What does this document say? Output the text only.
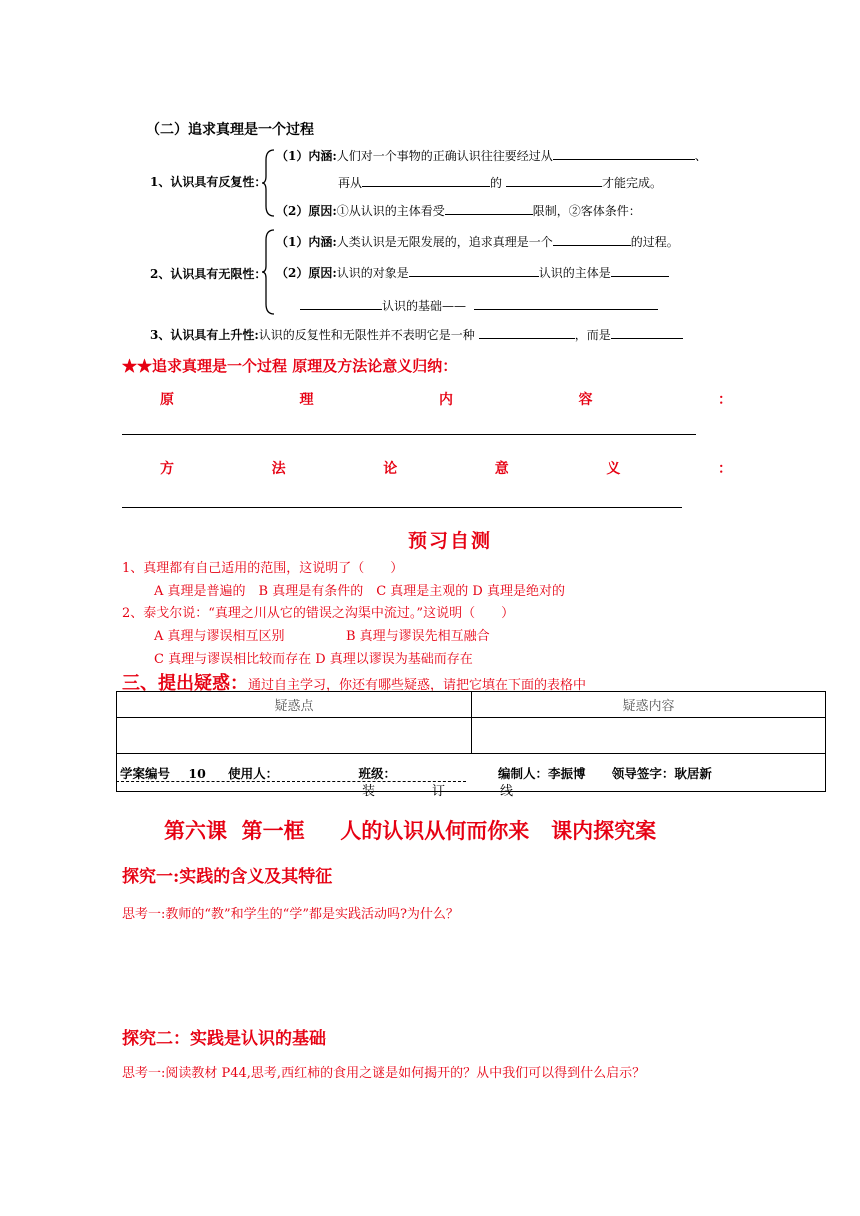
（二）追求真理是一个过程
1、认识具有反复性：
（1）内涵:人们对一个事物的正确认识往往要经过从	、
再从	的	才能完成。
（2）原因:①从认识的主体看受	限制，②客体条件：
2、认识具有无限性：
（1）内涵:人类认识是无限发展的，追求真理是一个	的过程。
（2）原因:认识的对象是	认识的主体是
认识的基础——
3、认识具有上升性:认识的反复性和无限性并不表明它是一种	，而是
★★追求真理是一个过程 原理及方法论意义归纳：
原	理	内	容	：
方	法	论	意	义	：
预习自测
1、真理都有自己适用的范围，这说明了（　　）
A 真理是普遍的　B 真理是有条件的　C 真理是主观的 D 真理是绝对的
2、泰戈尔说：“真理之川从它的错误之沟渠中流过。”这说明（　　）
A 真理与谬误相互区别	B 真理与谬误先相互融合
C 真理与谬误相比较而存在 D 真理以谬误为基础而存在
三、提出疑惑：通过自主学习，你还有哪些疑惑，请把它填在下面的表格中
疑惑点	疑惑内容

学案编号 10 使用人：	班级：	编制人：李振博 领导签字：耿居新
装	订	线
第六课  第一框 　 人的认识从何而你来   课内探究案
探究一:实践的含义及其特征
思考一:教师的“教”和学生的“学”都是实践活动吗?为什么？
探究二：实践是认识的基础
思考一:阅读教材 P44,思考,西红柿的食用之谜是如何揭开的？从中我们可以得到什么启示？
